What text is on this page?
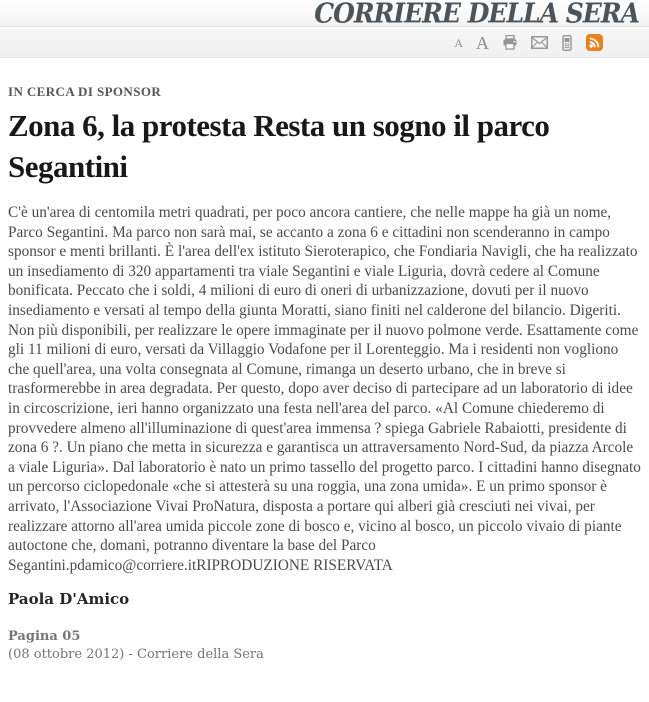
CORRIERE DELLA SERA
A A
IN CERCA DI SPONSOR
Zona 6, la protesta Resta un sogno il parco
Segantini

C'è un'area di centomila metri quadrati, per poco ancora cantiere, che nelle mappe ha già un nome, Parco Segantini. Ma parco non sarà mai, se accanto a zona 6 e cittadini non scenderanno in campo sponsor e menti brillanti. È l'area dell'ex istituto Sieroterapico, che Fondiaria Navigli, che ha realizzato un insediamento di 320 appartamenti tra viale Segantini e viale Liguria, dovrà cedere al Comune bonificata. Peccato che i soldi, 4 milioni di euro di oneri di urbanizzazione, dovuti per il nuovo insediamento e versati al tempo della giunta Moratti, siano finiti nel calderone del bilancio. Digeriti. Non più disponibili, per realizzare le opere immaginate per il nuovo polmone verde. Esattamente come gli 11 milioni di euro, versati da Villaggio Vodafone per il Lorenteggio. Ma i residenti non vogliono che quell'area, una volta consegnata al Comune, rimanga un deserto urbano, che in breve si trasformerebbe in area degradata. Per questo, dopo aver deciso di partecipare ad un laboratorio di idee in circoscrizione, ieri hanno organizzato una festa nell'area del parco. «Al Comune chiederemo di provvedere almeno all'illuminazione di quest'area immensa ? spiega Gabriele Rabaiotti, presidente di zona 6 ?. Un piano che metta in sicurezza e garantisca un attraversamento Nord-Sud, da piazza Arcole a viale Liguria». Dal laboratorio è nato un primo tassello del progetto parco. I cittadini hanno disegnato un percorso ciclopedonale «che si attesterà su una roggia, una zona umida». E un primo sponsor è arrivato, l'Associazione Vivai ProNatura, disposta a portare qui alberi già cresciuti nei vivai, per realizzare attorno all'area umida piccole zone di bosco e, vicino al bosco, un piccolo vivaio di piante autoctone che, domani, potranno diventare la base del Parco Segantini.pdamico@corriere.itRIPRODUZIONE RISERVATA

Paola D'Amico
Pagina 05
(08 ottobre 2012) - Corriere della Sera
